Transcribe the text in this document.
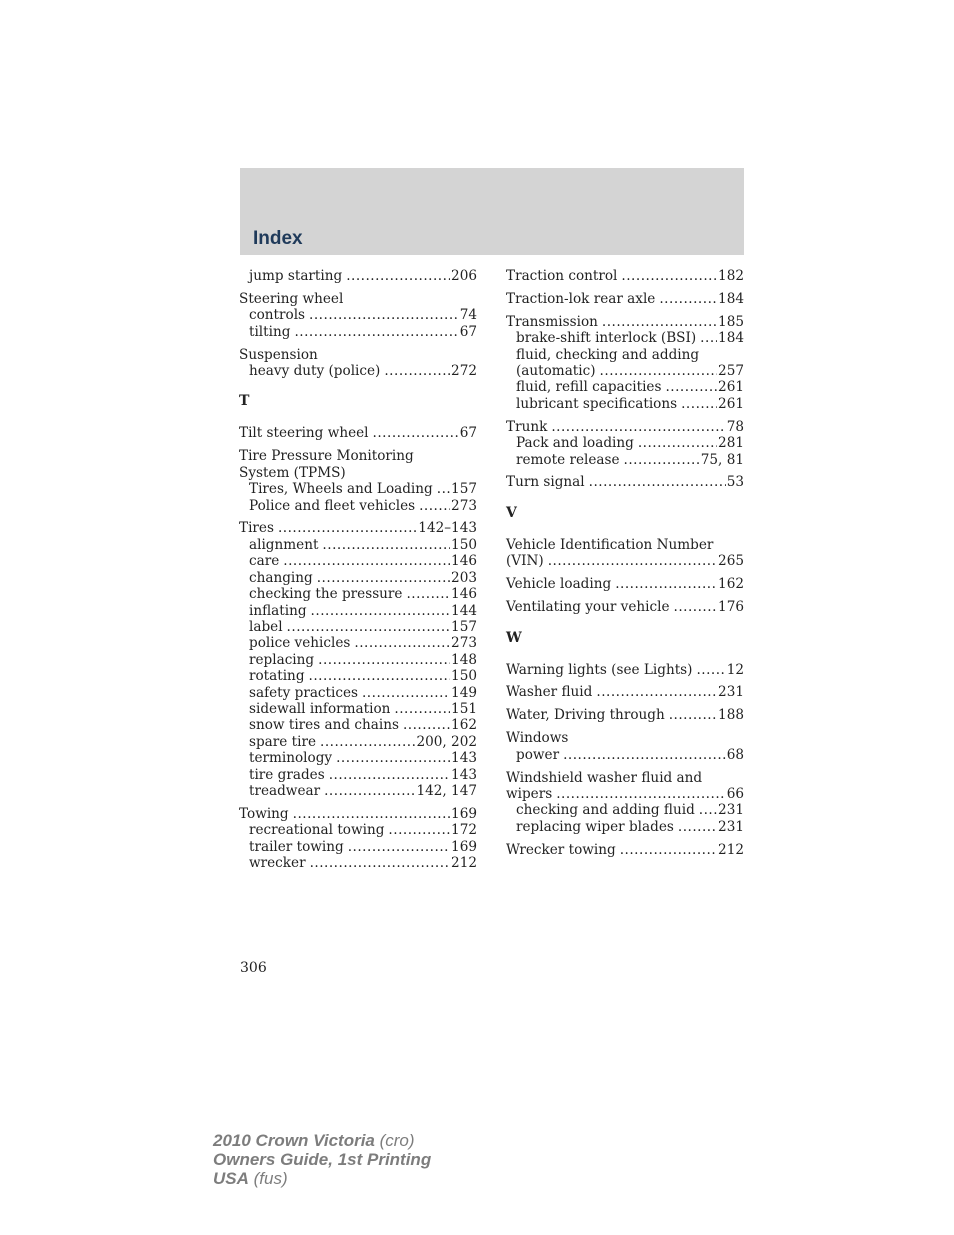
Index
jump starting .....	206
Steering wheel
controls .....	74
tilting .....	67
Suspension
heavy duty (police) .....	272
T
Tilt steering wheel .....	67
Tire Pressure Monitoring
System (TPMS)
Tires, Wheels and Loading ..... 157
Police and fleet vehicles .....	273
Tires .....	142–143
alignment .....	150
care .....	146
changing .....	203
checking the pressure .....	146
inflating .....	144
label .....	157
police vehicles .....	273
replacing .....	148
rotating .....	150
safety practices .....	149
sidewall information .....	151
snow tires and chains .....	162
spare tire .....	200, 202
terminology .....	143
tire grades .....	143
treadwear .....	142, 147
Towing .....	169
recreational towing .....	172
trailer towing .....	169
wrecker .....	212
Traction control .....	182
Traction-lok rear axle .....	184
Transmission .....	185
brake-shift interlock (BSI) ..... 184
fluid, checking and adding
(automatic) .....	257
fluid, refill capacities .....	261
lubricant specifications .....	261
Trunk .....	78
Pack and loading .....	281
remote release .....	75, 81
Turn signal .....	53
V
Vehicle Identification Number
(VIN) .....	265
Vehicle loading .....	162
Ventilating your vehicle .....	176
W
Warning lights (see Lights) .....	12
Washer fluid .....	231
Water, Driving through .....	188
Windows
power .....	68
Windshield washer fluid and
wipers .....	66
checking and adding fluid ..... 231
replacing wiper blades .....	231
Wrecker towing .....	212
306
2010 Crown Victoria (cro)
Owners Guide, 1st Printing
USA (fus)
